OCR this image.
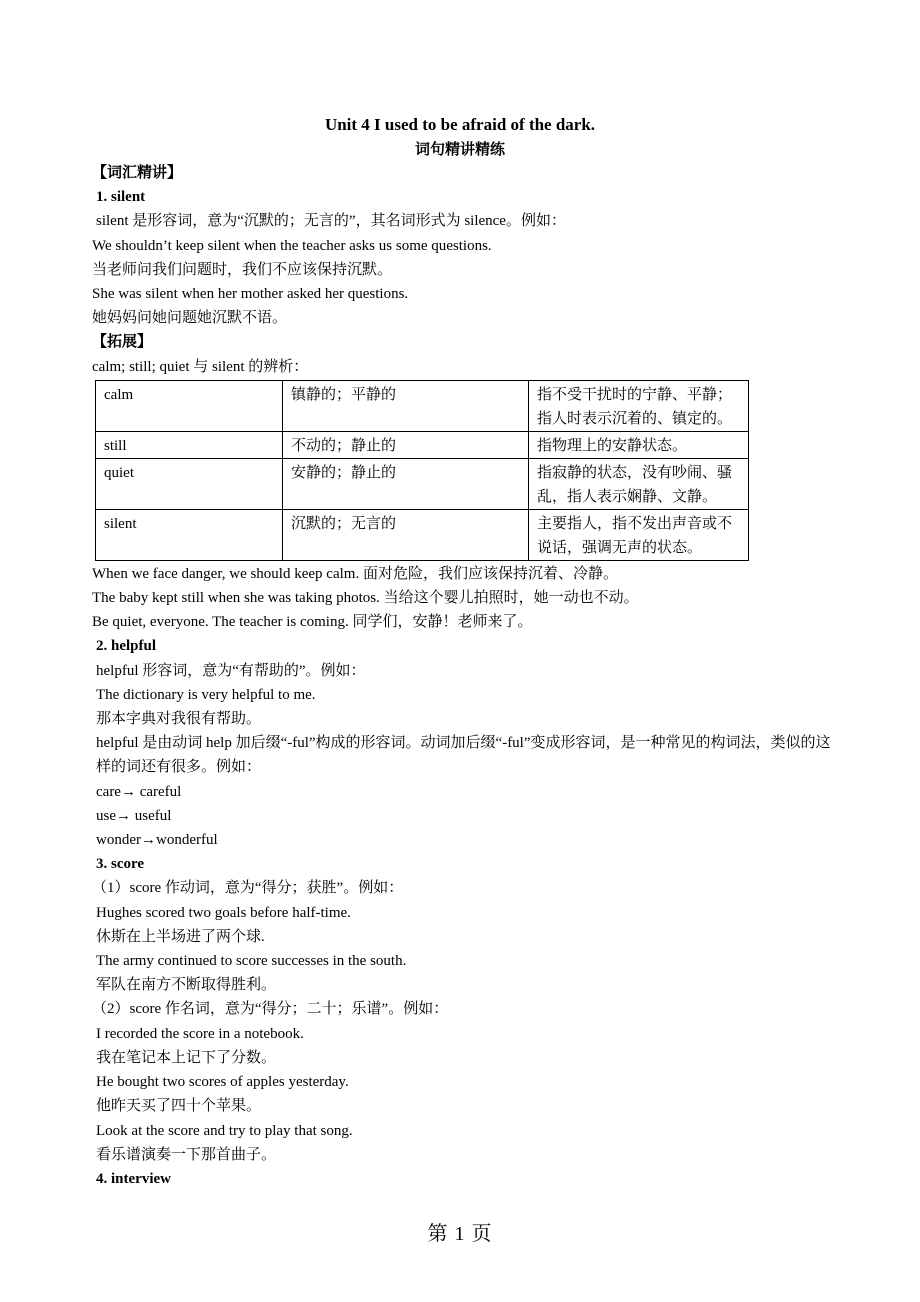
Unit 4 I used to be afraid of the dark.
词句精讲精练
【词汇精讲】
1. silent
silent 是形容词，意为“沉默的；无言的”，其名词形式为 silence。例如：
We shouldn’t keep silent when the teacher asks us some questions.
当老师问我们问题时，我们不应该保持沉默。
She was silent when her mother asked her questions.
她妈妈问她问题她沉默不语。
【拓展】
calm; still; quiet 与 silent 的辨析：
calm	镇静的；平静的	指不受干扰时的宁静、平静；指人时表示沉着的、镇定的。
still	不动的；静止的	指物理上的安静状态。
quiet	安静的；静止的	指寂静的状态，没有吵闹、骚乱，指人表示娴静、文静。
silent	沉默的；无言的	主要指人，指不发出声音或不说话，强调无声的状态。
When we face danger, we should keep calm. 面对危险，我们应该保持沉着、冷静。
The baby kept still when she was taking photos. 当给这个婴儿拍照时，她一动也不动。
Be quiet, everyone. The teacher is coming. 同学们，安静！老师来了。
2. helpful
helpful 形容词，意为“有帮助的”。例如：
The dictionary is very helpful to me.
那本字典对我很有帮助。
helpful 是由动词 help 加后缀“-ful”构成的形容词。动词加后缀“-ful”变成形容词，是一种常见的构词法，类似的这样的词还有很多。例如：
care→ careful
use→ useful
wonder→wonderful
3. score
（1）score 作动词，意为“得分；获胜”。例如：
Hughes scored two goals before half-time.
休斯在上半场进了两个球.
The army continued to score successes in the south.
军队在南方不断取得胜利。
（2）score 作名词，意为“得分；二十；乐谱”。例如：
I recorded the score in a notebook.
我在笔记本上记下了分数。
He bought two scores of apples yesterday.
他昨天买了四十个苹果。
Look at the score and try to play that song.
看乐谱演奏一下那首曲子。
4. interview
第 1 页
